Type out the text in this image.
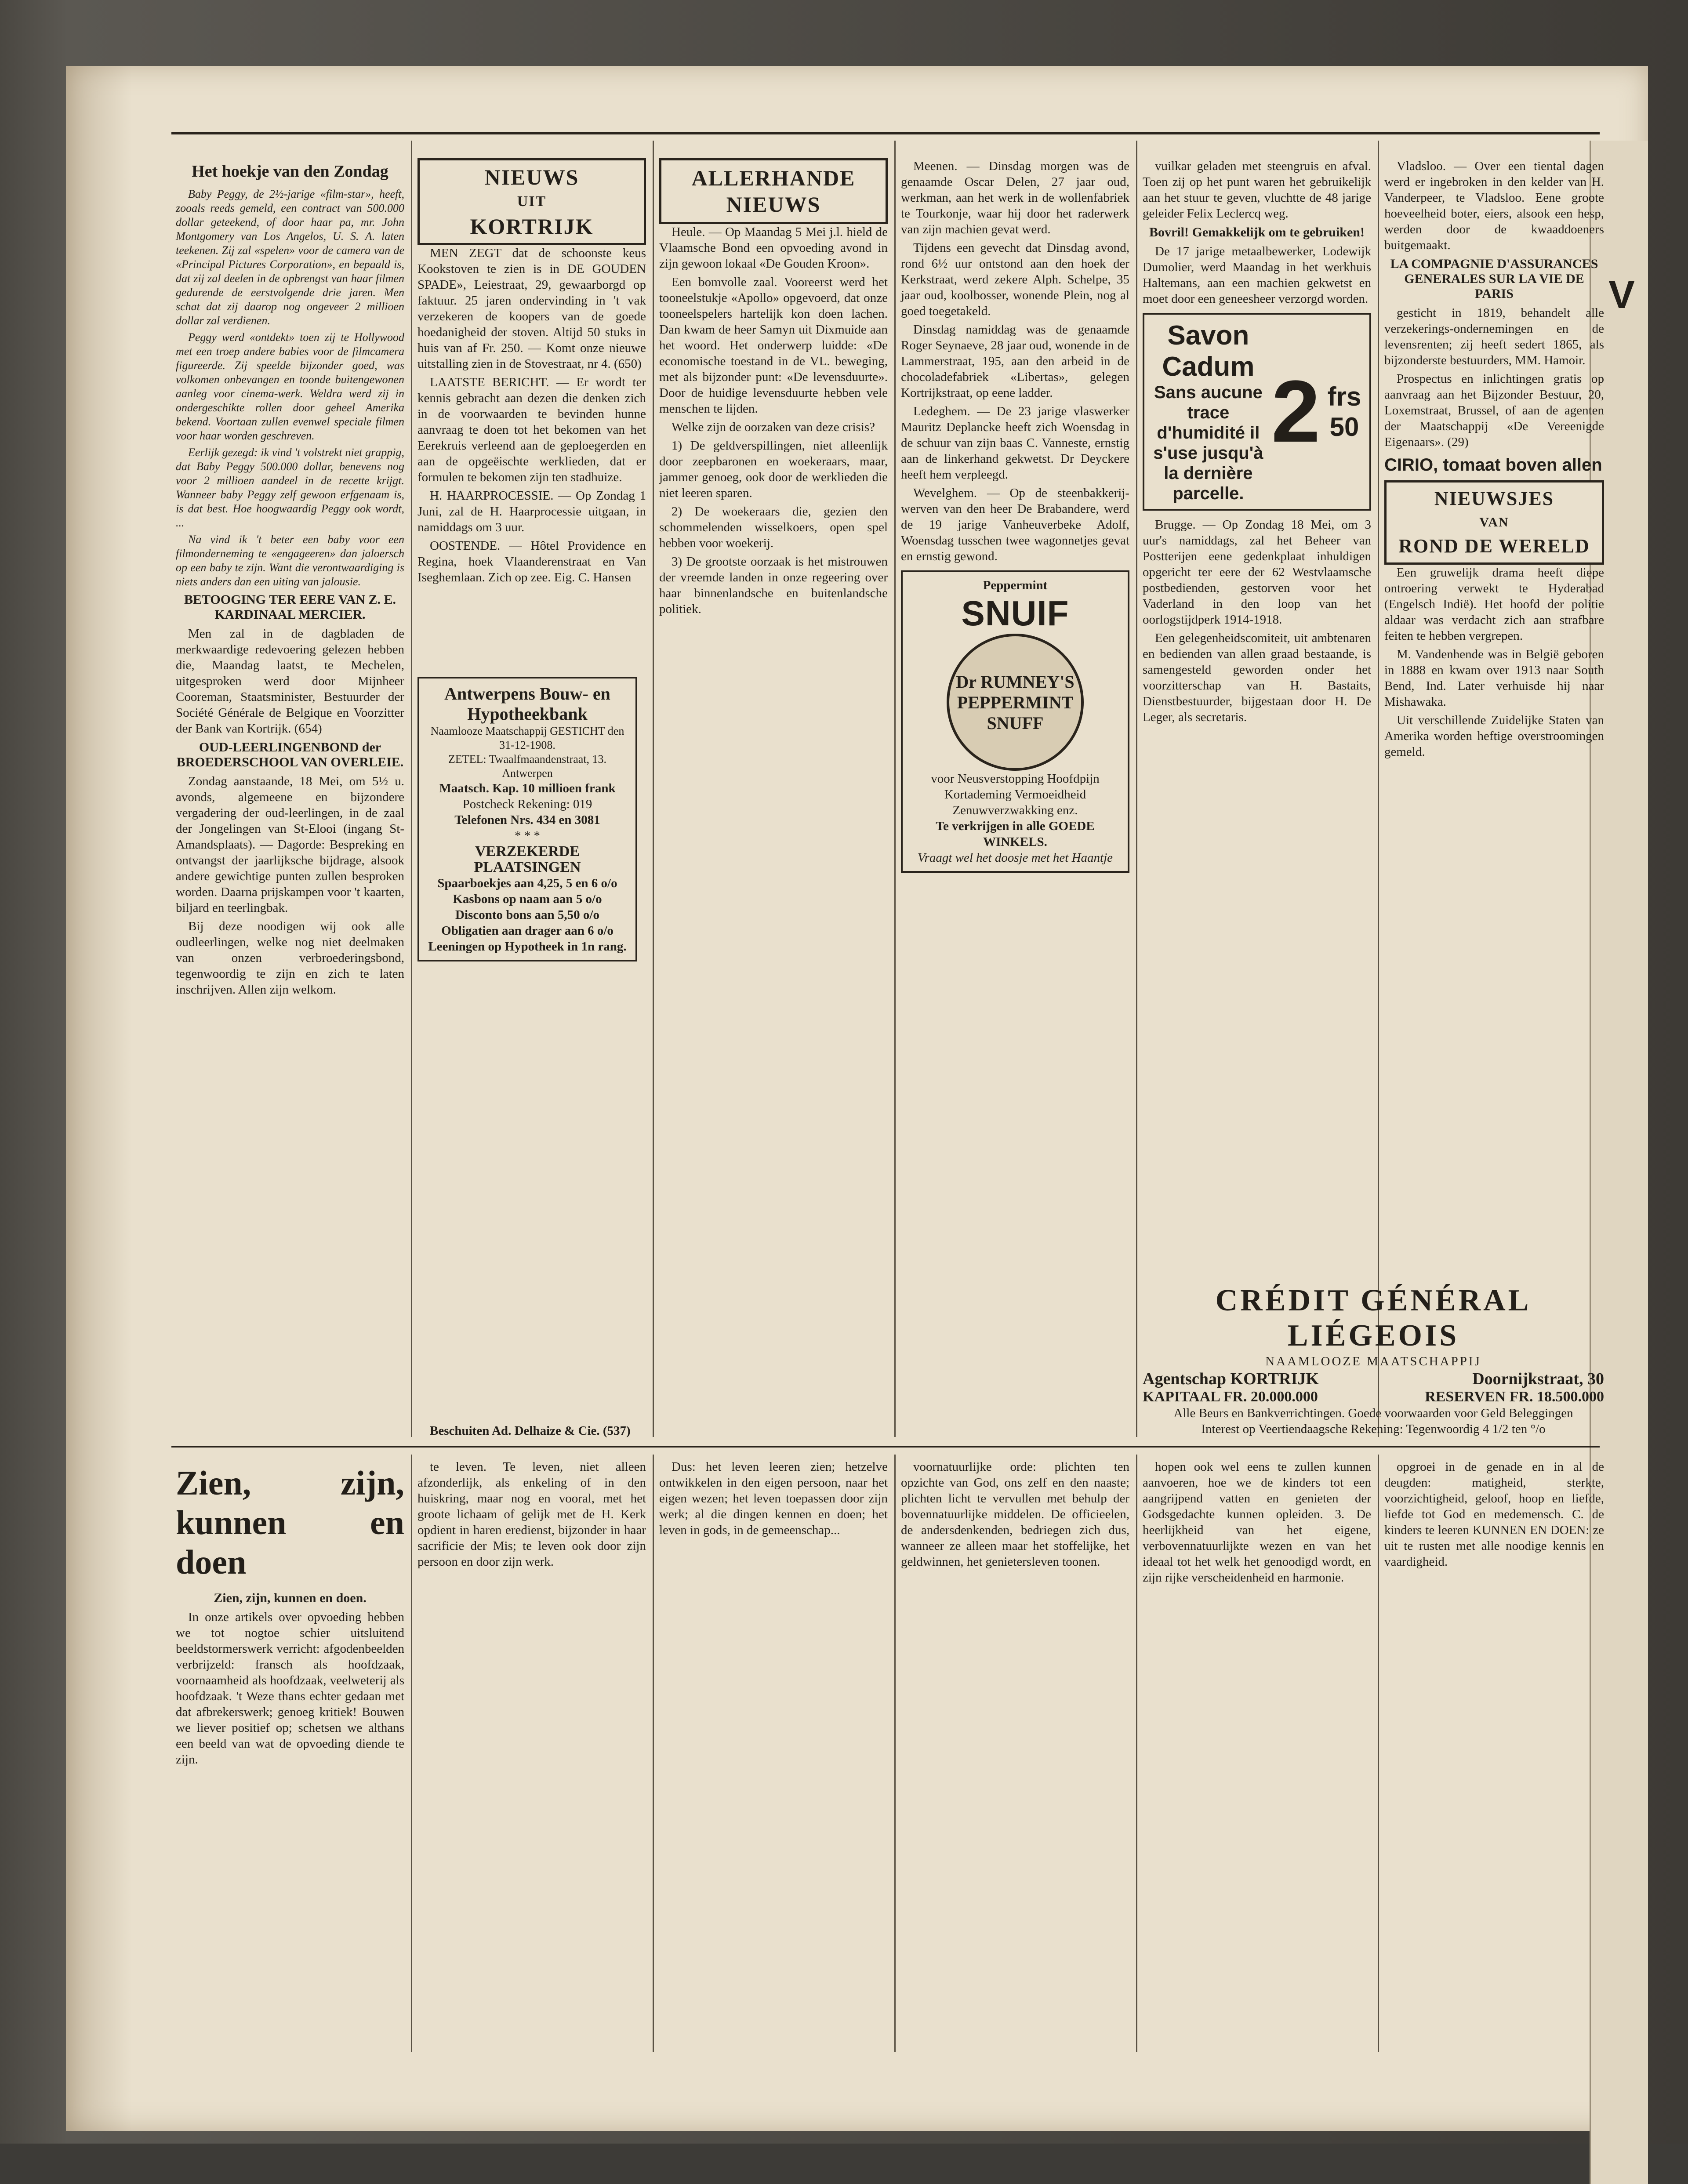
V
Het hoekje van den Zondag

Baby Peggy, de 2½-jarige «film-star», heeft, zooals reeds gemeld, een contract van 500.000 dollar geteekend, of door haar pa, mr. John Montgomery van Los Angelos, U. S. A. laten teekenen. Zij zal «spelen» voor de camera van de «Principal Pictures Corporation», en bepaald is, dat zij zal deelen in de opbrengst van haar filmen gedurende de eerstvolgende drie jaren. Men schat dat zij daarop nog ongeveer 2 millioen dollar zal verdienen.

Peggy werd «ontdekt» toen zij te Hollywood met een troep andere babies voor de filmcamera figureerde. Zij speelde bijzonder goed, was volkomen onbevangen en toonde buitengewonen aanleg voor cinema-werk. Weldra werd zij in ondergeschikte rollen door geheel Amerika bekend. Voortaan zullen evenwel speciale filmen voor haar worden geschreven.

Eerlijk gezegd: ik vind 't volstrekt niet grappig, dat Baby Peggy 500.000 dollar, benevens nog voor 2 millioen aandeel in de recette krijgt. Wanneer baby Peggy zelf gewoon erfgenaam is, is dat best. Hoe hoogwaardig Peggy ook wordt, ...

Na vind ik 't beter een baby voor een filmonderneming te «engageeren» dan jaloersch op een baby te zijn. Want die verontwaardiging is niets anders dan een uiting van jalousie.

BETOOGING TER EERE VAN Z. E. KARDINAAL MERCIER.

Men zal in de dagbladen de merkwaardige redevoering gelezen hebben die, Maandag laatst, te Mechelen, uitgesproken werd door Mijnheer Cooreman, Staatsminister, Bestuurder der Société Générale de Belgique en Voorzitter der Bank van Kortrijk. (654)

OUD-LEERLINGENBOND der BROEDERSCHOOL VAN OVERLEIE.

Zondag aanstaande, 18 Mei, om 5½ u. avonds, algemeene en bijzondere vergadering der oud-leerlingen, in de zaal der Jongelingen van St-Elooi (ingang St-Amandsplaats). — Dagorde: Bespreking en ontvangst der jaarlijksche bijdrage, alsook andere gewichtige punten zullen besproken worden. Daarna prijskampen voor 't kaarten, biljard en teerlingbak.

Bij deze noodigen wij ook alle oudleerlingen, welke nog niet deelmaken van onzen verbroederingsbond, tegenwoordig te zijn en zich te laten inschrijven. Allen zijn welkom.

NIEUWS
UIT
KORTRIJK

MEN ZEGT dat de schoonste keus Kookstoven te zien is in DE GOUDEN SPADE», Leiestraat, 29, gewaarborgd op faktuur. 25 jaren ondervinding in 't vak verzekeren de koopers van de goede hoedanigheid der stoven. Altijd 50 stuks in huis van af Fr. 250. — Komt onze nieuwe uitstalling zien in de Stovestraat, nr 4. (650)

LAATSTE BERICHT. — Er wordt ter kennis gebracht aan dezen die denken zich in de voorwaarden te bevinden hunne aanvraag te doen tot het bekomen van het Eerekruis verleend aan de geploegerden en aan de opgeëischte werklieden, dat er formulen te bekomen zijn ten stadhuize.

H. HAARPROCESSIE. — Op Zondag 1 Juni, zal de H. Haarprocessie uitgaan, in namiddags om 3 uur.

OOSTENDE. — Hôtel Providence en Regina, hoek Vlaanderenstraat en Van Iseghemlaan. Zich op zee. Eig. C. Hansen

Antwerpens Bouw- en Hypotheekbank
Naamlooze Maatschappij GESTICHT den 31-12-1908.
ZETEL: Twaalfmaandenstraat, 13. Antwerpen
Maatsch. Kap. 10 millioen frank
Postcheck Rekening: 019
Telefonen Nrs. 434 en 3081
* * *
VERZEKERDE PLAATSINGEN
Spaarboekjes aan 4,25, 5 en 6 o/o
Kasbons op naam aan 5 o/o
Disconto bons aan 5,50 o/o
Obligatien aan drager aan 6 o/o
Leeningen op Hypotheek in 1n rang.

Beschuiten Ad. Delhaize & Cie. (537)

ALLERHANDE
NIEUWS

Heule. — Op Maandag 5 Mei j.l. hield de Vlaamsche Bond een opvoeding avond in zijn gewoon lokaal «De Gouden Kroon».

Een bomvolle zaal. Vooreerst werd het tooneelstukje «Apollo» opgevoerd, dat onze tooneelspelers hartelijk kon doen lachen. Dan kwam de heer Samyn uit Dixmuide aan het woord. Het onderwerp luidde: «De economische toestand in de VL. beweging, met als bijzonder punt: «De levensduurte». Door de huidige levensduurte hebben vele menschen te lijden.

Welke zijn de oorzaken van deze crisis?

1) De geldverspillingen, niet alleenlijk door zeepbaronen en woekeraars, maar, jammer genoeg, ook door de werklieden die niet leeren sparen.

2) De woekeraars die, gezien den schommelenden wisselkoers, open spel hebben voor woekerij.

3) De grootste oorzaak is het mistrouwen der vreemde landen in onze regeering over haar binnenlandsche en buitenlandsche politiek.

Meenen. — Dinsdag morgen was de genaamde Oscar Delen, 27 jaar oud, werkman, aan het werk in de wollenfabriek te Tourkonje, waar hij door het raderwerk van zijn machien gevat werd.

Tijdens een gevecht dat Dinsdag avond, rond 6½ uur ontstond aan den hoek der Kerkstraat, werd zekere Alph. Schelpe, 35 jaar oud, koolbosser, wonende Plein, nog al goed toegetakeld.

Dinsdag namiddag was de genaamde Roger Seynaeve, 28 jaar oud, wonende in de Lammerstraat, 195, aan den arbeid in de chocoladefabriek «Libertas», gelegen Kortrijkstraat, op eene ladder.

Ledeghem. — De 23 jarige vlaswerker Mauritz Deplancke heeft zich Woensdag in de schuur van zijn baas C. Vanneste, ernstig aan de linkerhand gekwetst. Dr Deyckere heeft hem verpleegd.

Wevelghem. — Op de steenbakkerij-werven van den heer De Brabandere, werd de 19 jarige Vanheuverbeke Adolf, Woensdag tusschen twee wagonnetjes gevat en ernstig gewond.

Peppermint
SNUIF
Dr RUMNEY'S PEPPERMINT SNUFF
voor Neusverstopping Hoofdpijn Kortademing Vermoeidheid Zenuwverzwakking enz.
Te verkrijgen in alle GOEDE WINKELS.
Vraagt wel het doosje met het Haantje

vuilkar geladen met steengruis en afval. Toen zij op het punt waren het gebruikelijk aan het stuur te geven, vluchtte de 48 jarige geleider Felix Leclercq weg.

Bovril! Gemakkelijk om te gebruiken!

De 17 jarige metaalbewerker, Lodewijk Dumolier, werd Maandag in het werkhuis Haltemans, aan een machien gekwetst en moet door een geneesheer verzorgd worden.

Savon Cadum
Sans aucune trace d'humidité il s'use jusqu'à la dernière parcelle.
2 frs 50

Brugge. — Op Zondag 18 Mei, om 3 uur's namiddags, zal het Beheer van Postterijen eene gedenkplaat inhuldigen opgericht ter eere der 62 Westvlaamsche postbedienden, gestorven voor het Vaderland in den loop van het oorlogstijdperk 1914-1918.

Een gelegenheidscomiteit, uit ambtenaren en bedienden van allen graad bestaande, is samengesteld geworden onder het voorzitterschap van H. Bastaits, Dienstbestuurder, bijgestaan door H. De Leger, als secretaris.

Vladsloo. — Over een tiental dagen werd er ingebroken in den kelder van H. Vanderpeer, te Vladsloo. Eene groote hoeveelheid boter, eiers, alsook een hesp, werden door de kwaaddoeners buitgemaakt.

LA COMPAGNIE D'ASSURANCES GENERALES SUR LA VIE DE PARIS

gesticht in 1819, behandelt alle verzekerings-ondernemingen en de levensrenten; zij heeft sedert 1865, als bijzonderste bestuurders, MM. Hamoir.

Prospectus en inlichtingen gratis op aanvraag aan het Bijzonder Bestuur, 20, Loxemstraat, Brussel, of aan de agenten der Maatschappij «De Vereenigde Eigenaars». (29)

CIRIO, tomaat boven allen
NIEUWSJES
VAN
ROND DE WERELD

Een gruwelijk drama heeft diepe ontroering verwekt te Hyderabad (Engelsch Indië). Het hoofd der politie aldaar was verdacht zich aan strafbare feiten te hebben vergrepen.

M. Vandenhende was in België geboren in 1888 en kwam over 1913 naar South Bend, Ind. Later verhuisde hij naar Mishawaka.

Uit verschillende Zuidelijke Staten van Amerika worden heftige overstroomingen gemeld.

CRÉDIT GÉNÉRAL LIÉGEOIS
NAAMLOOZE MAATSCHAPPIJ
Agentschap KORTRIJK	Doornijkstraat, 30
KAPITAAL FR. 20.000.000	RESERVEN FR. 18.500.000
Alle Beurs en Bankverrichtingen. Goede voorwaarden voor Geld Beleggingen
Interest op Veertiendaagsche Rekening: Tegenwoordig 4 1/2 ten °/o
Zien, zijn, kunnen en doen
Zien, zijn, kunnen en doen.

In onze artikels over opvoeding hebben we tot nogtoe schier uitsluitend beeldstormerswerk verricht: afgodenbeelden verbrijzeld: fransch als hoofdzaak, voornaamheid als hoofdzaak, veelweterij als hoofdzaak. 't Weze thans echter gedaan met dat afbrekerswerk; genoeg kritiek! Bouwen we liever positief op; schetsen we althans een beeld van wat de opvoeding diende te zijn.

te leven. Te leven, niet alleen afzonderlijk, als enkeling of in den huiskring, maar nog en vooral, met het groote lichaam of gelijk met de H. Kerk opdient in haren eredienst, bijzonder in haar sacrificie der Mis; te leven ook door zijn persoon en door zijn werk.

Dus: het leven leeren zien; hetzelve ontwikkelen in den eigen persoon, naar het eigen wezen; het leven toepassen door zijn werk; al die dingen kennen en doen; het leven in gods, in de gemeenschap...

voornatuurlijke orde: plichten ten opzichte van God, ons zelf en den naaste; plichten licht te vervullen met behulp der bovennatuurlijke middelen. De officieelen, de andersdenkenden, bedriegen zich dus, wanneer ze alleen maar het stoffelijke, het geldwinnen, het genietersleven toonen.

hopen ook wel eens te zullen kunnen aanvoeren, hoe we de kinders tot een aangrijpend vatten en genieten der Godsgedachte kunnen opleiden. 3. De heerlijkheid van het eigene, verbovennatuurlijkte wezen en van het ideaal tot het welk het genoodigd wordt, en zijn rijke verscheidenheid en harmonie.

opgroei in de genade en in al de deugden: matigheid, sterkte, voorzichtigheid, geloof, hoop en liefde, liefde tot God en medemensch. C. de kinders te leeren KUNNEN EN DOEN: ze uit te rusten met alle noodige kennis en vaardigheid.
